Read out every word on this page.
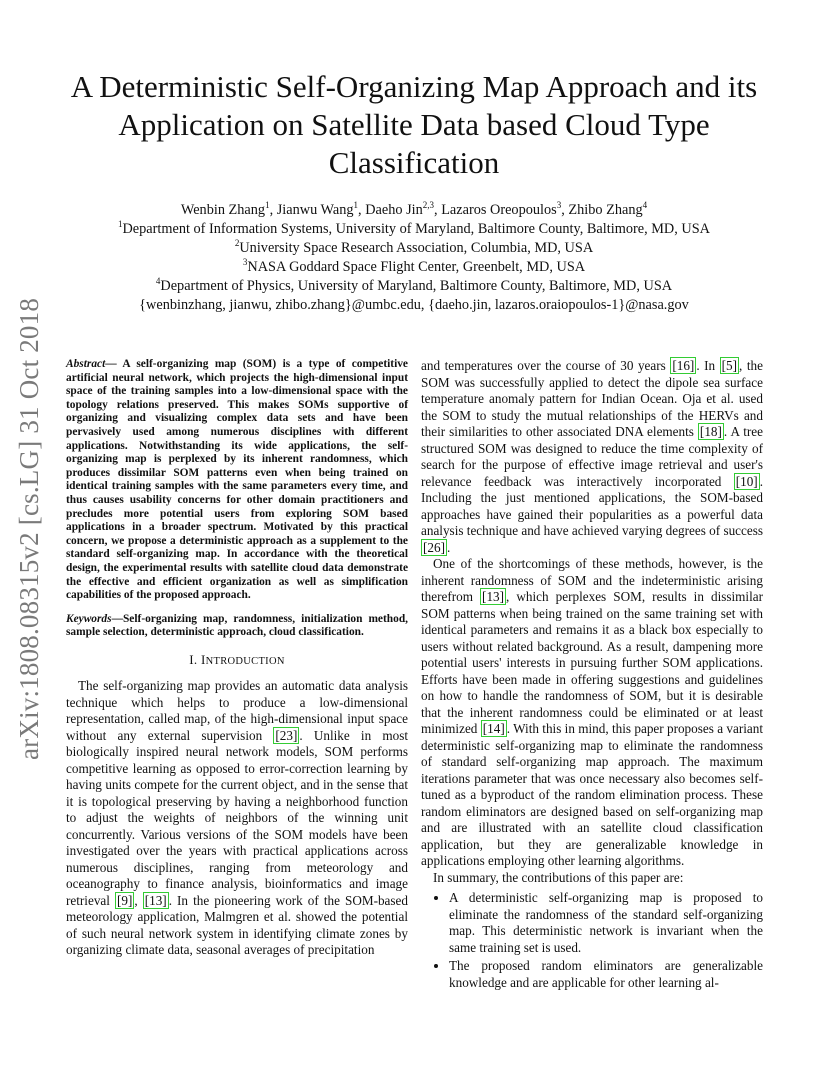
arXiv:1808.08315v2 [cs.LG] 31 Oct 2018
A Deterministic Self-Organizing Map Approach and its Application on Satellite Data based Cloud Type Classification
Wenbin Zhang$^1$, Jianwu Wang$^1$, Daeho Jin$^{2,3}$, Lazaros Oreopoulos$^3$, Zhibo Zhang$^4$
$^1$Department of Information Systems, University of Maryland, Baltimore County, Baltimore, MD, USA
$^2$University Space Research Association, Columbia, MD, USA
$^3$NASA Goddard Space Flight Center, Greenbelt, MD, USA
$^4$Department of Physics, University of Maryland, Baltimore County, Baltimore, MD, USA
{wenbinzhang, jianwu, zhibo.zhang}@umbc.edu, {daeho.jin, lazaros.oraiopoulos-1}@nasa.gov
Abstract— A self-organizing map (SOM) is a type of competitive artificial neural network, which projects the high-dimensional input space of the training samples into a low-dimensional space with the topology relations preserved. This makes SOMs supportive of organizing and visualizing complex data sets and have been pervasively used among numerous disciplines with different applications. Notwithstanding its wide applications, the self-organizing map is perplexed by its inherent randomness, which produces dissimilar SOM patterns even when being trained on identical training samples with the same parameters every time, and thus causes usability concerns for other domain practitioners and precludes more potential users from exploring SOM based applications in a broader spectrum. Motivated by this practical concern, we propose a deterministic approach as a supplement to the standard self-organizing map. In accordance with the theoretical design, the experimental results with satellite cloud data demonstrate the effective and efficient organization as well as simplification capabilities of the proposed approach.
Keywords—Self-organizing map, randomness, initialization method, sample selection, deterministic approach, cloud classification.
I. INTRODUCTION

The self-organizing map provides an automatic data analysis technique which helps to produce a low-dimensional representation, called map, of the high-dimensional input space without any external supervision [23] . Unlike in most biologically inspired neural network models, SOM performs competitive learning as opposed to error-correction learning by having units compete for the current object, and in the sense that it is topological preserving by having a neighborhood function to adjust the weights of neighbors of the winning unit concurrently. Various versions of the SOM models have been investigated over the years with practical applications across numerous disciplines, ranging from meteorology and oceanography to finance analysis, bioinformatics and image retrieval [9] , [13] . In the pioneering work of the SOM-based meteorology application, Malmgren et al. showed the potential of such neural network system in identifying climate zones by organizing climate data, seasonal averages of precipitation

and temperatures over the course of 30 years [16] . In [5] , the SOM was successfully applied to detect the dipole sea surface temperature anomaly pattern for Indian Ocean. Oja et al. used the SOM to study the mutual relationships of the HERVs and their similarities to other associated DNA elements [18] . A tree structured SOM was designed to reduce the time complexity of search for the purpose of effective image retrieval and user's relevance feedback was interactively incorporated [10] . Including the just mentioned applications, the SOM-based approaches have gained their popularities as a powerful data analysis technique and have achieved varying degrees of success [26] .

One of the shortcomings of these methods, however, is the inherent randomness of SOM and the indeterministic arising therefrom [13] , which perplexes SOM, results in dissimilar SOM patterns when being trained on the same training set with identical parameters and remains it as a black box especially to users without related background. As a result, dampening more potential users' interests in pursuing further SOM applications. Efforts have been made in offering suggestions and guidelines on how to handle the randomness of SOM, but it is desirable that the inherent randomness could be eliminated or at least minimized [14] . With this in mind, this paper proposes a variant deterministic self-organizing map to eliminate the randomness of standard self-organizing map approach. The maximum iterations parameter that was once necessary also becomes self-tuned as a byproduct of the random elimination process. These random eliminators are designed based on self-organizing map and are illustrated with an satellite cloud classification application, but they are generalizable knowledge in applications employing other learning algorithms.

In summary, the contributions of this paper are:

• A deterministic self-organizing map is proposed to eliminate the randomness of the standard self-organizing map. This deterministic network is invariant when the same training set is used.
• The proposed random eliminators are generalizable knowledge and are applicable for other learning al-
